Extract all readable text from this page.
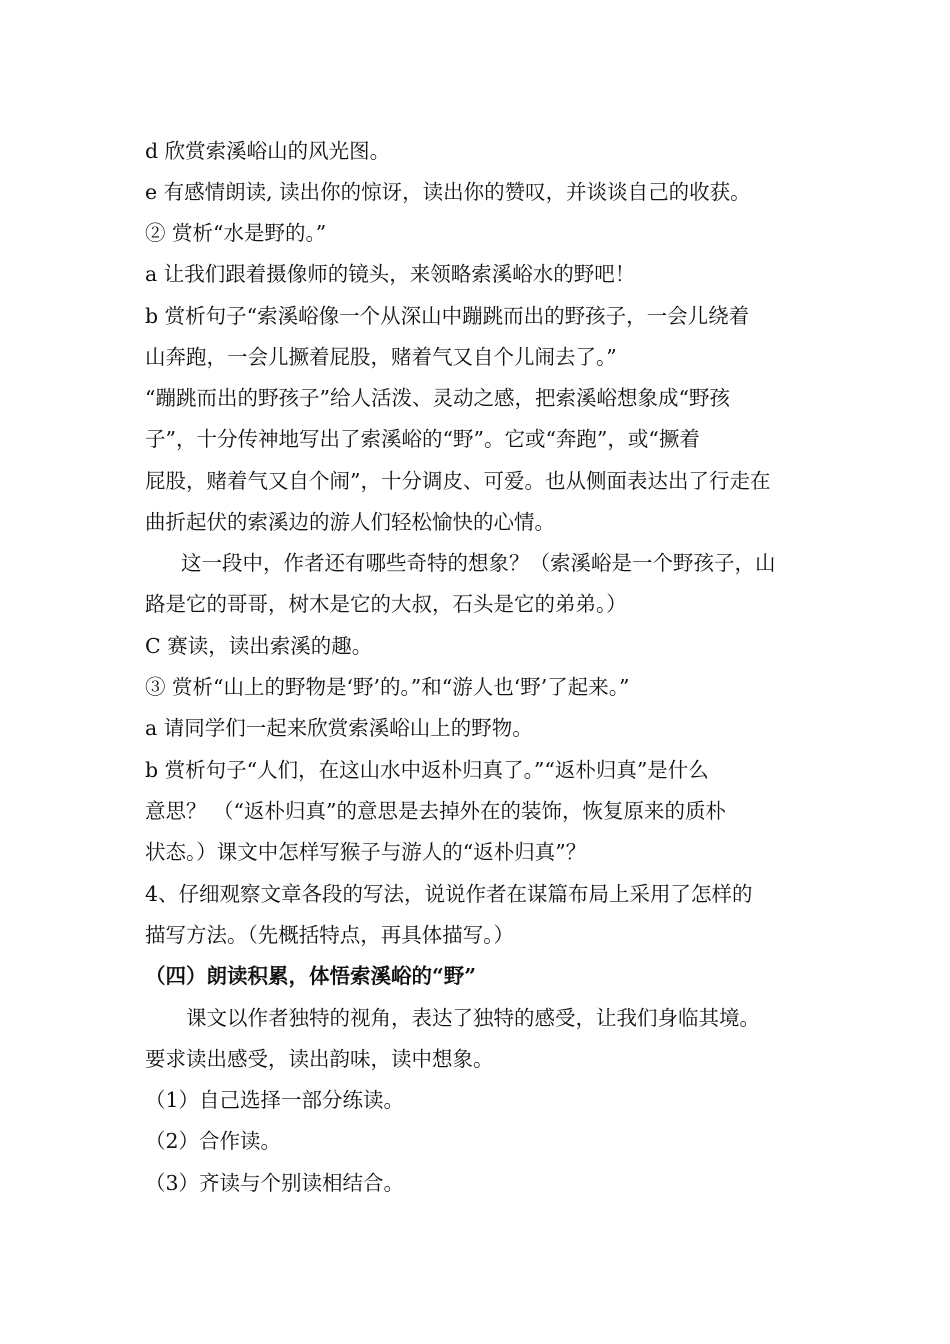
d 欣赏索溪峪山的风光图。
e 有感情朗读, 读出你的惊讶，读出你的赞叹，并谈谈自己的收获。
② 赏析“水是野的。”
a 让我们跟着摄像师的镜头，来领略索溪峪水的野吧！
b 赏析句子“索溪峪像一个从深山中蹦跳而出的野孩子，一会儿绕着
山奔跑，一会儿撅着屁股，赌着气又自个儿闹去了。”
“蹦跳而出的野孩子”给人活泼、灵动之感，把索溪峪想象成“野孩
子”，十分传神地写出了索溪峪的“野”。它或“奔跑”，或“撅着
屁股，赌着气又自个闹”，十分调皮、可爱。也从侧面表达出了行走在
曲折起伏的索溪边的游人们轻松愉快的心情。
这一段中，作者还有哪些奇特的想象？（索溪峪是一个野孩子，山
路是它的哥哥，树木是它的大叔，石头是它的弟弟。）
C 赛读，读出索溪的趣。
③ 赏析“山上的野物是‘野’的。”和“游人也‘野’了起来。”
a 请同学们一起来欣赏索溪峪山上的野物。
b 赏析句子“人们，在这山水中返朴归真了。”“返朴归真”是什么
意思？ （“返朴归真”的意思是去掉外在的装饰，恢复原来的质朴
状态。）课文中怎样写猴子与游人的“返朴归真”？
4、仔细观察文章各段的写法，说说作者在谋篇布局上采用了怎样的
描写方法。（先概括特点，再具体描写。）
（四）朗读积累，体悟索溪峪的“野”
课文以作者独特的视角，表达了独特的感受，让我们身临其境。
要求读出感受，读出韵味，读中想象。
（1）自己选择一部分练读。
（2）合作读。
（3）齐读与个别读相结合。
